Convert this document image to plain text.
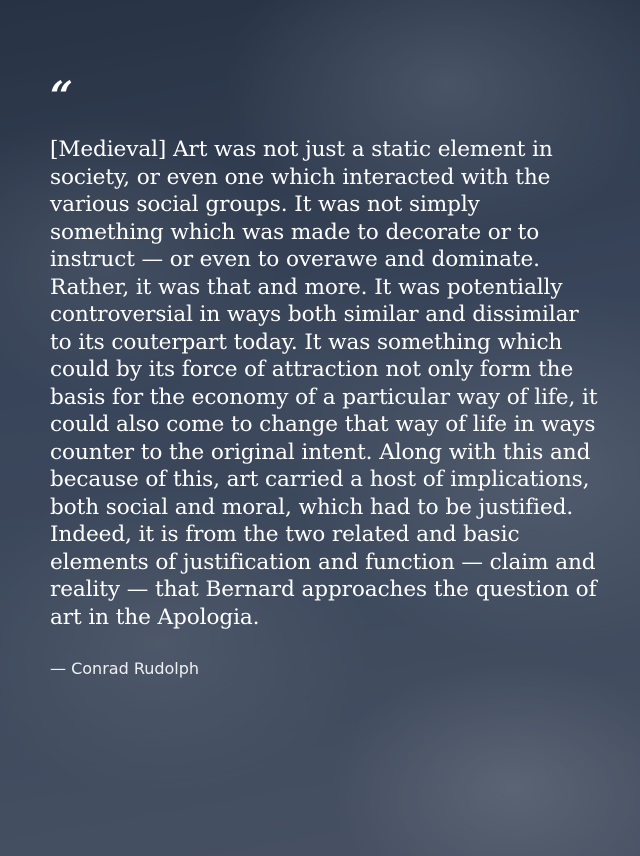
“

[Medieval] Art was not just a static element in society, or even one which interacted with the various social groups. It was not simply something which was made to decorate or to instruct — or even to overawe and dominate. Rather, it was that and more. It was potentially controversial in ways both similar and dissimilar to its couterpart today. It was something which could by its force of attraction not only form the basis for the economy of a particular way of life, it could also come to change that way of life in ways counter to the original intent. Along with this and because of this, art carried a host of implications, both social and moral, which had to be justified. Indeed, it is from the two related and basic elements of justification and function — claim and reality — that Bernard approaches the question of art in the Apologia.

— Conrad Rudolph
